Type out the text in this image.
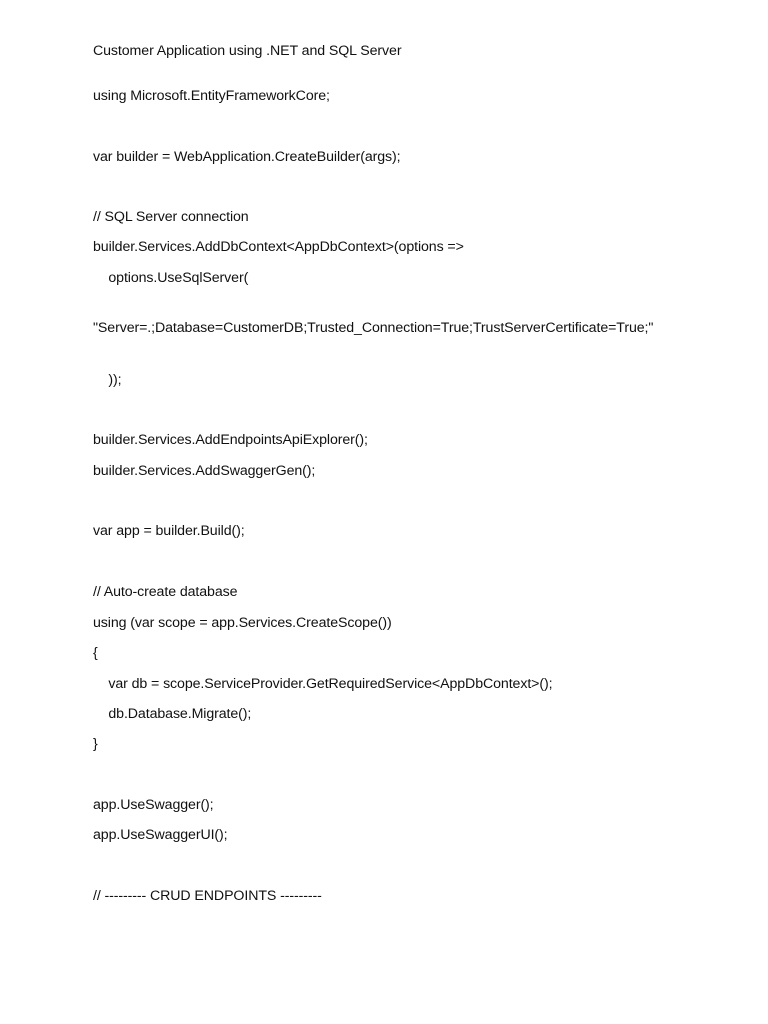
Customer Application using .NET and SQL Server
using Microsoft.EntityFrameworkCore;
var builder = WebApplication.CreateBuilder(args);
// SQL Server connection
builder.Services.AddDbContext<AppDbContext>(options =>
options.UseSqlServer(
"Server=.;Database=CustomerDB;Trusted_Connection=True;TrustServerCertificate=True;"
));
builder.Services.AddEndpointsApiExplorer();
builder.Services.AddSwaggerGen();
var app = builder.Build();
// Auto-create database
using (var scope = app.Services.CreateScope())
{
var db = scope.ServiceProvider.GetRequiredService<AppDbContext>();
db.Database.Migrate();
}
app.UseSwagger();
app.UseSwaggerUI();
// --------- CRUD ENDPOINTS ---------
